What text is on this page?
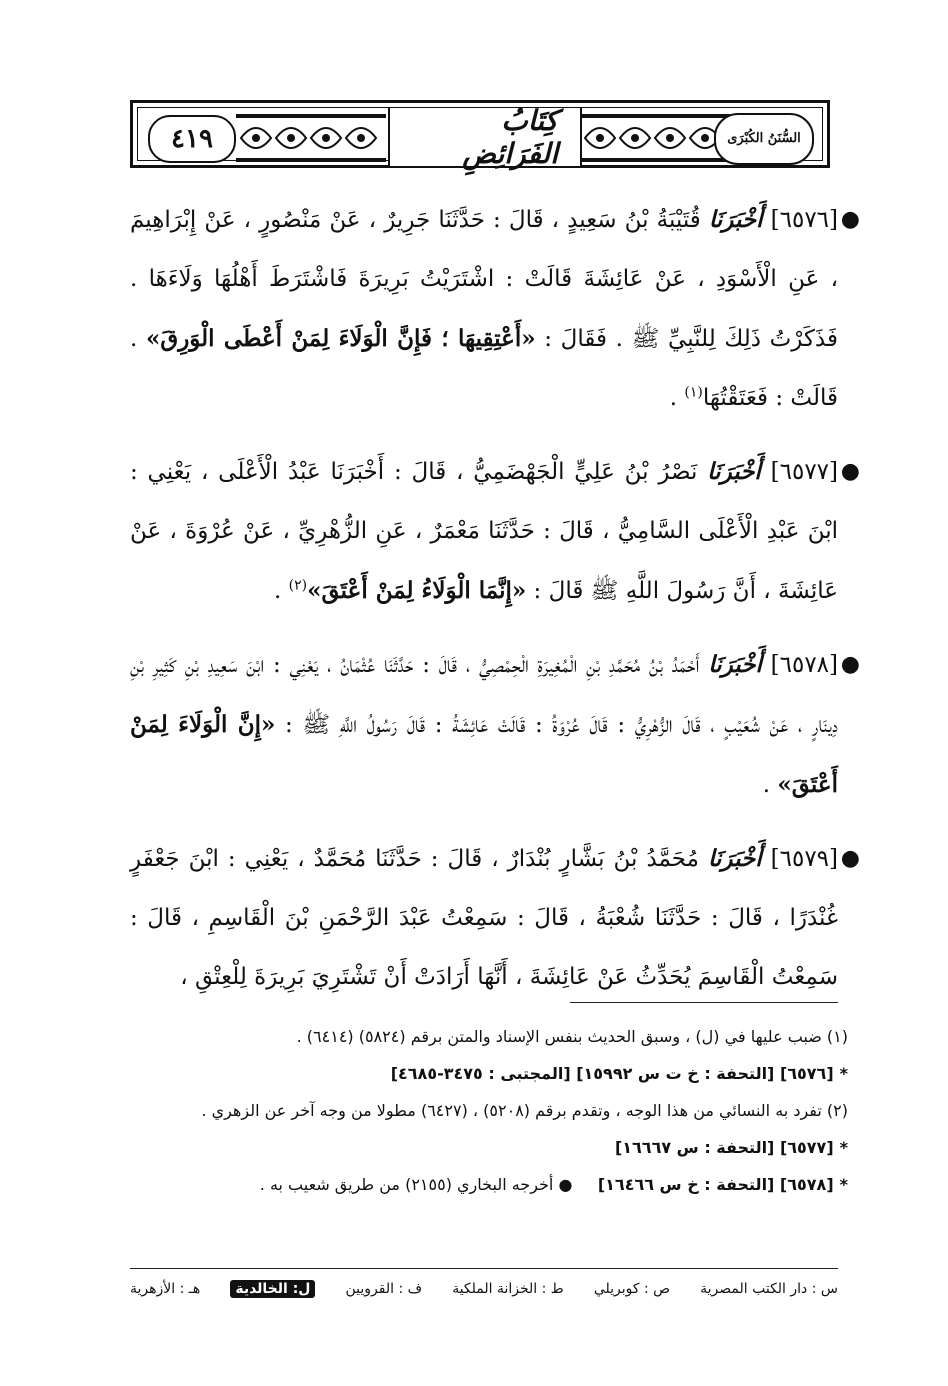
كِتَابُ الفَرَائِضِ
٤١٩	السُّنَنُ الكُبْرَى
●
[٦٥٧٦] أَخْبَرَنَا قُتَيْبَةُ بْنُ سَعِيدٍ ، قَالَ : حَدَّثَنَا جَرِيرٌ ، عَنْ مَنْصُورٍ ، عَنْ إِبْرَاهِيمَ ، عَنِ الْأَسْوَدِ ، عَنْ عَائِشَةَ قَالَتْ : اشْتَرَيْتُ بَرِيرَةَ فَاشْتَرَطَ أَهْلُهَا وَلَاءَهَا . فَذَكَرْتُ ذَلِكَ لِلنَّبِيِّ ﷺ . فَقَالَ : «أَعْتِقِيهَا ؛ فَإِنَّ الْوَلَاءَ لِمَنْ أَعْطَى الْوَرِقَ» . قَالَتْ : فَعَتَقْتُهَا$^{(١)}$ .
●
[٦٥٧٧] أَخْبَرَنَا نَصْرُ بْنُ عَلِيٍّ الْجَهْضَمِيُّ ، قَالَ : أَخْبَرَنَا عَبْدُ الْأَعْلَى ، يَعْنِي : ابْنَ عَبْدِ الْأَعْلَى السَّامِيُّ ، قَالَ : حَدَّثَنَا مَعْمَرٌ ، عَنِ الزُّهْرِيِّ ، عَنْ عُرْوَةَ ، عَنْ عَائِشَةَ ، أَنَّ رَسُولَ اللَّهِ ﷺ قَالَ : «إِنَّمَا الْوَلَاءُ لِمَنْ أَعْتَقَ»$^{(٢)}$ .
●
[٦٥٧٨] أَخْبَرَنَا أَحْمَدُ بْنُ مُحَمَّدِ بْنِ الْمُغِيرَةِ الْحِمْصِيُّ ، قَالَ : حَدَّثَنَا عُثْمَانُ ، يَعْنِي : ابْنَ سَعِيدِ بْنِ كَثِيرِ بْنِ دِينَارٍ ، عَنْ شُعَيْبٍ ، قَالَ الزُّهْرِيُّ : قَالَ عُرْوَةُ : قَالَتْ عَائِشَةُ : قَالَ رَسُولُ اللَّهِ ﷺ : «إِنَّ الْوَلَاءَ لِمَنْ أَعْتَقَ» .
●
[٦٥٧٩] أَخْبَرَنَا مُحَمَّدُ بْنُ بَشَّارٍ بُنْدَارٌ ، قَالَ : حَدَّثَنَا مُحَمَّدٌ ، يَعْنِي : ابْنَ جَعْفَرٍ غُنْدَرًا ، قَالَ : حَدَّثَنَا شُعْبَةُ ، قَالَ : سَمِعْتُ عَبْدَ الرَّحْمَنِ بْنَ الْقَاسِمِ ، قَالَ : سَمِعْتُ الْقَاسِمَ يُحَدِّثُ عَنْ عَائِشَةَ ، أَنَّهَا أَرَادَتْ أَنْ تَشْتَرِيَ بَرِيرَةَ لِلْعِتْقِ ،
(١) ضبب عليها في (ل) ، وسبق الحديث بنفس الإسناد والمتن برقم (٥٨٢٤) (٦٤١٤) .
*[٦٥٧٦] [التحفة : خ ت س ١٥٩٩٢] [المجتبى : ٣٤٧٥-٤٦٨٥]
(٢) تفرد به النسائي من هذا الوجه ، وتقدم برقم (٥٢٠٨) ، (٦٤٢٧) مطولا من وجه آخر عن الزهري .
*[٦٥٧٧] [التحفة : س ١٦٦٦٧]
*[٦٥٧٨] [التحفة : خ س ١٦٤٦٦]     ● أخرجه البخاري (٢١٥٥) من طريق شعيب به .
س : دار الكتب المصرية
ص : كوبريلي
ط : الخزانة الملكية
ف : القرويين
ل: الخالدية
هـ : الأزهرية
